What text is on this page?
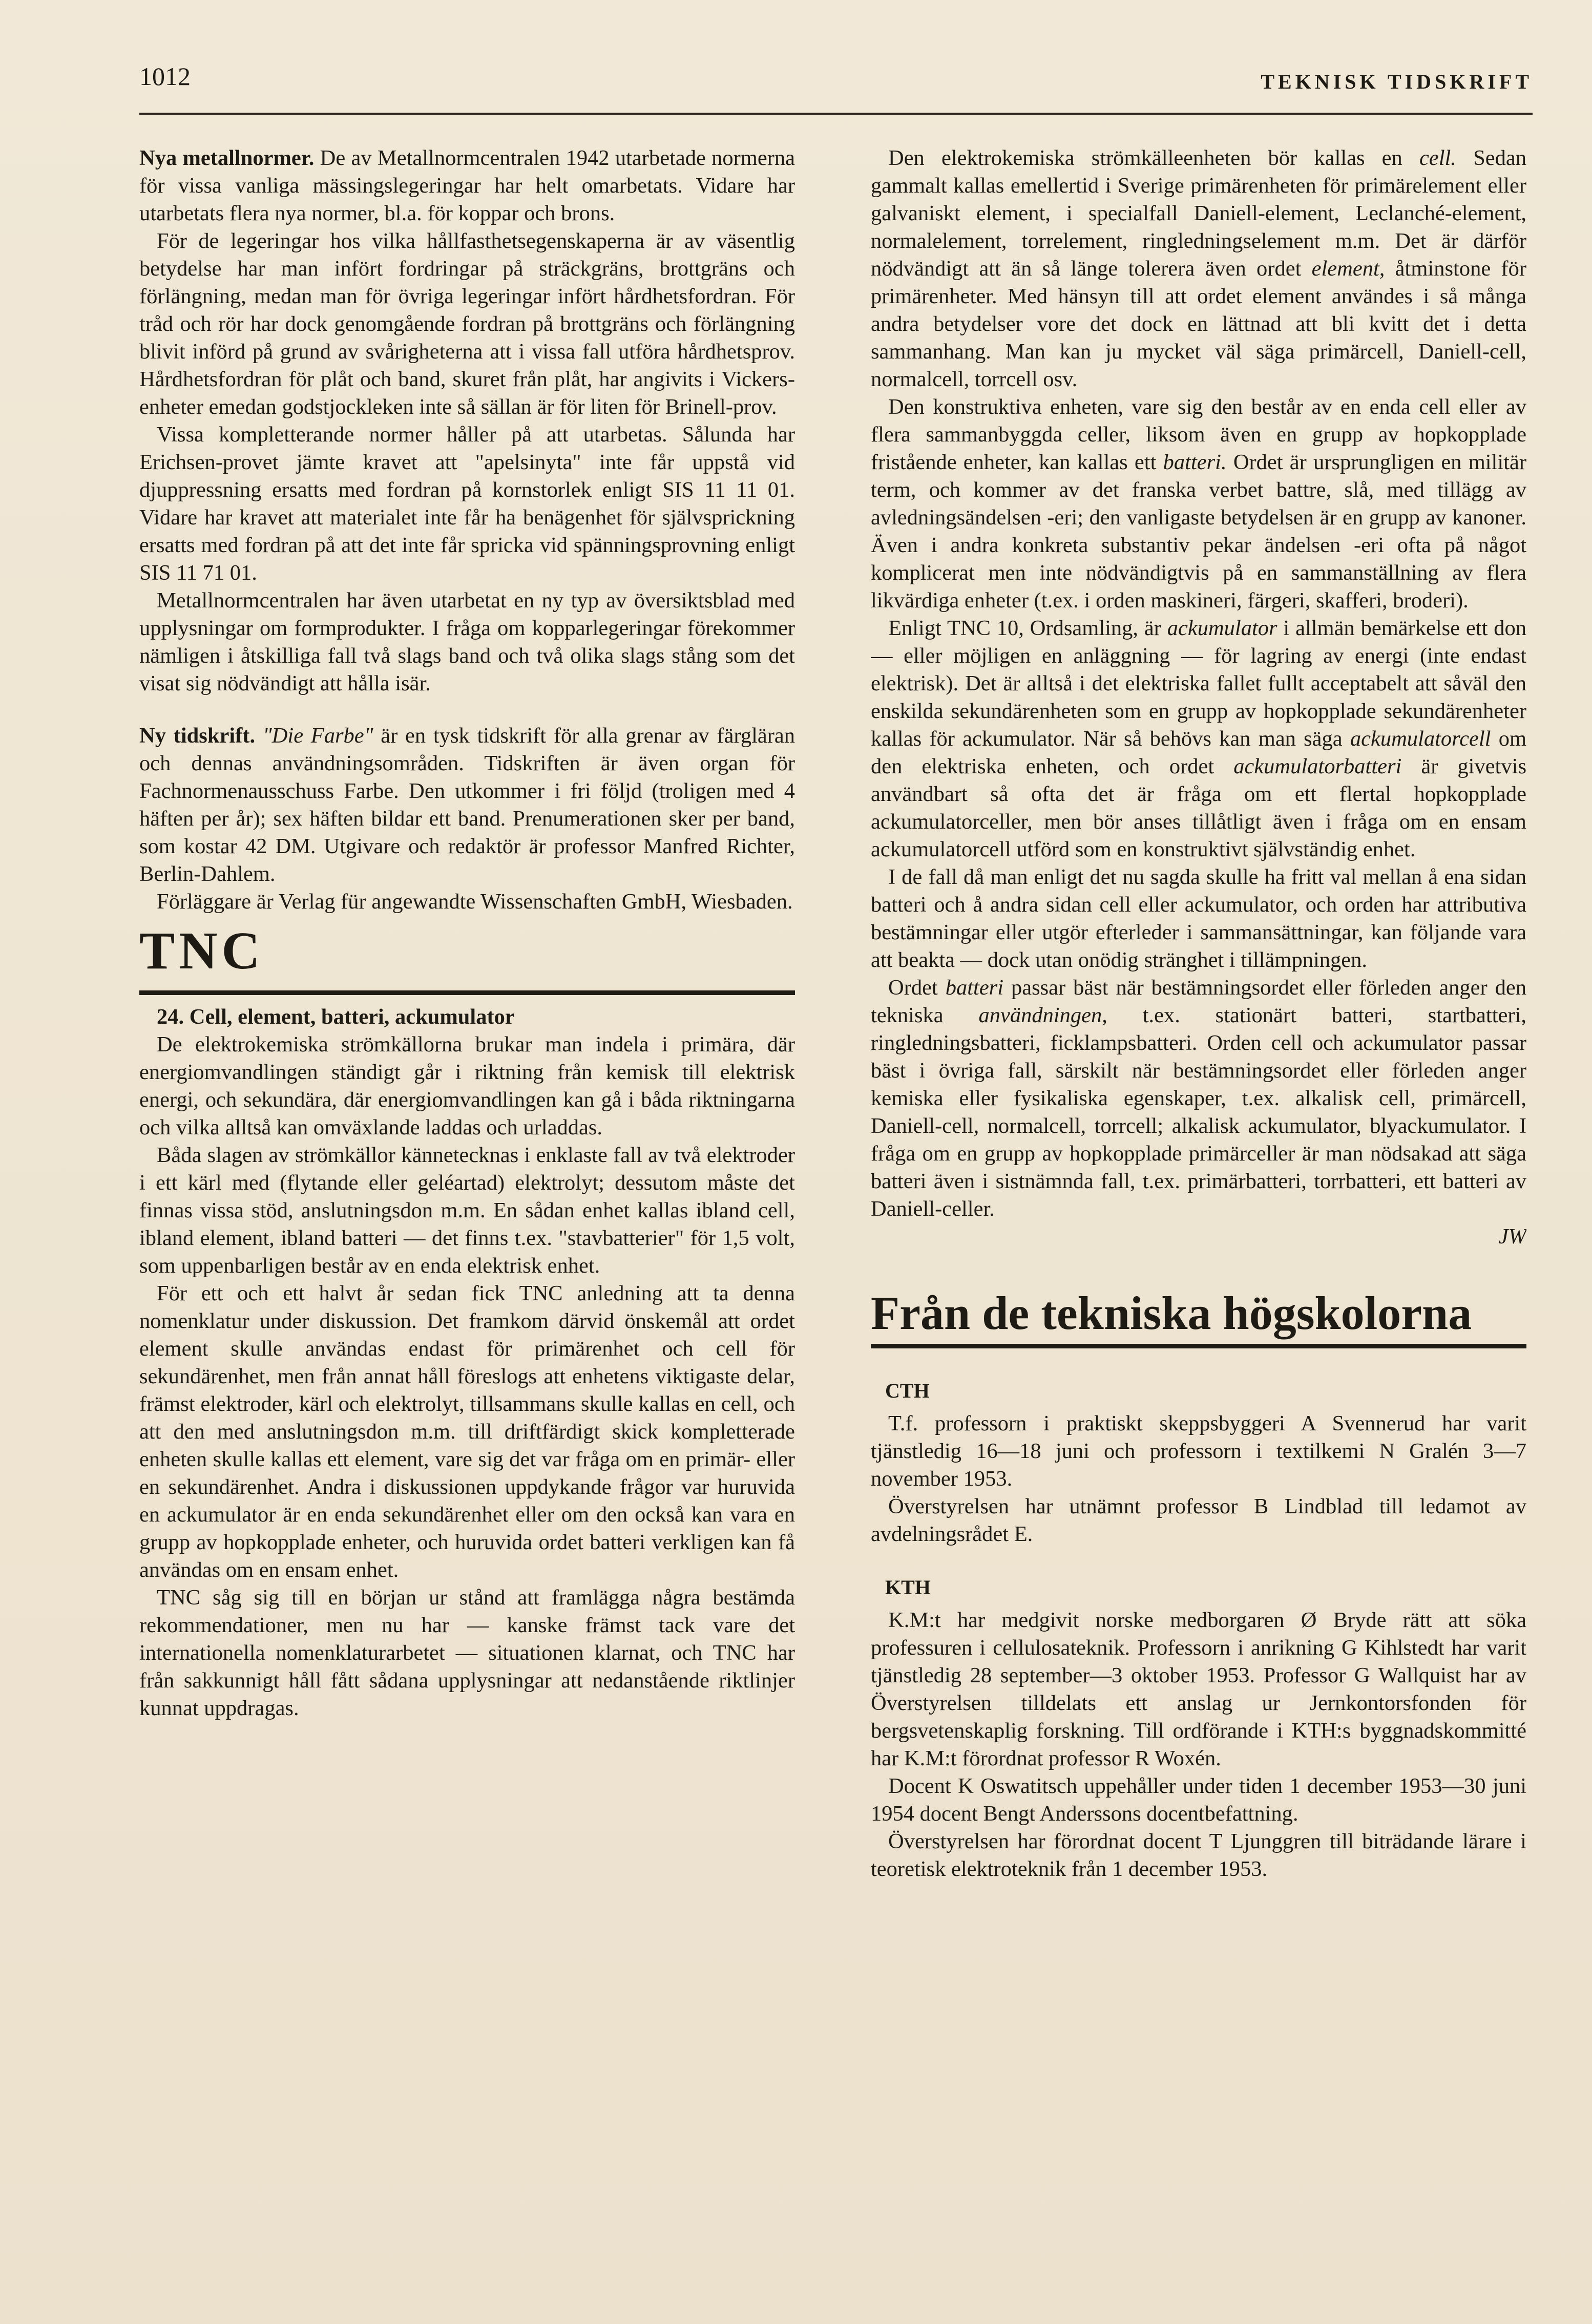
1012	TEKNISK TIDSKRIFT

Nya metallnormer. De av Metallnormcentralen 1942 utarbetade normerna för vissa vanliga mässingslegeringar har helt omarbetats. Vidare har utarbetats flera nya normer, bl.a. för koppar och brons.

För de legeringar hos vilka hållfasthetsegenskaperna är av väsentlig betydelse har man infört fordringar på sträckgräns, brottgräns och förlängning, medan man för övriga legeringar infört hårdhetsfordran. För tråd och rör har dock genomgående fordran på brottgräns och förlängning blivit införd på grund av svårigheterna att i vissa fall utföra hårdhetsprov. Hårdhetsfordran för plåt och band, skuret från plåt, har angivits i Vickers-enheter emedan godstjockleken inte så sällan är för liten för Brinell-prov.

Vissa kompletterande normer håller på att utarbetas. Sålunda har Erichsen-provet jämte kravet att "apelsinyta" inte får uppstå vid djuppressning ersatts med fordran på kornstorlek enligt SIS 11 11 01. Vidare har kravet att materialet inte får ha benägenhet för självsprickning ersatts med fordran på att det inte får spricka vid spänningsprovning enligt SIS 11 71 01.

Metallnormcentralen har även utarbetat en ny typ av översiktsblad med upplysningar om formprodukter. I fråga om kopparlegeringar förekommer nämligen i åtskilliga fall två slags band och två olika slags stång som det visat sig nödvändigt att hålla isär.

Ny tidskrift. "Die Farbe" är en tysk tidskrift för alla grenar av färgläran och dennas användningsområden. Tidskriften är även organ för Fachnormenausschuss Farbe. Den utkommer i fri följd (troligen med 4 häften per år); sex häften bildar ett band. Prenumerationen sker per band, som kostar 42 DM. Utgivare och redaktör är professor Manfred Richter, Berlin-Dahlem.

Förläggare är Verlag für angewandte Wissenschaften GmbH, Wiesbaden.

TNC

24. Cell, element, batteri, ackumulator

De elektrokemiska strömkällorna brukar man indela i primära, där energiomvandlingen ständigt går i riktning från kemisk till elektrisk energi, och sekundära, där energiomvandlingen kan gå i båda riktningarna och vilka alltså kan omväxlande laddas och urladdas.

Båda slagen av strömkällor kännetecknas i enklaste fall av två elektroder i ett kärl med (flytande eller geléartad) elektrolyt; dessutom måste det finnas vissa stöd, anslutningsdon m.m. En sådan enhet kallas ibland cell, ibland element, ibland batteri — det finns t.ex. "stavbatterier" för 1,5 volt, som uppenbarligen består av en enda elektrisk enhet.

För ett och ett halvt år sedan fick TNC anledning att ta denna nomenklatur under diskussion. Det framkom därvid önskemål att ordet element skulle användas endast för primärenhet och cell för sekundärenhet, men från annat håll föreslogs att enhetens viktigaste delar, främst elektroder, kärl och elektrolyt, tillsammans skulle kallas en cell, och att den med anslutningsdon m.m. till driftfärdigt skick kompletterade enheten skulle kallas ett element, vare sig det var fråga om en primär- eller en sekundärenhet. Andra i diskussionen uppdykande frågor var huruvida en ackumulator är en enda sekundärenhet eller om den också kan vara en grupp av hopkopplade enheter, och huruvida ordet batteri verkligen kan få användas om en ensam enhet.

TNC såg sig till en början ur stånd att framlägga några bestämda rekommendationer, men nu har — kanske främst tack vare det internationella nomenklaturarbetet — situationen klarnat, och TNC har från sakkunnigt håll fått sådana upplysningar att nedanstående riktlinjer kunnat uppdragas.

Den elektrokemiska strömkälleenheten bör kallas en cell. Sedan gammalt kallas emellertid i Sverige primärenheten för primärelement eller galvaniskt element, i specialfall Daniell-element, Leclanché-element, normalelement, torrelement, ringledningselement m.m. Det är därför nödvändigt att än så länge tolerera även ordet element, åtminstone för primärenheter. Med hänsyn till att ordet element användes i så många andra betydelser vore det dock en lättnad att bli kvitt det i detta sammanhang. Man kan ju mycket väl säga primärcell, Daniell-cell, normalcell, torrcell osv.

Den konstruktiva enheten, vare sig den består av en enda cell eller av flera sammanbyggda celler, liksom även en grupp av hopkopplade fristående enheter, kan kallas ett batteri. Ordet är ursprungligen en militär term, och kommer av det franska verbet battre, slå, med tillägg av avledningsändelsen -eri; den vanligaste betydelsen är en grupp av kanoner. Även i andra konkreta substantiv pekar ändelsen -eri ofta på något komplicerat men inte nödvändigtvis på en sammanställning av flera likvärdiga enheter (t.ex. i orden maskineri, färgeri, skafferi, broderi).

Enligt TNC 10, Ordsamling, är ackumulator i allmän bemärkelse ett don — eller möjligen en anläggning — för lagring av energi (inte endast elektrisk). Det är alltså i det elektriska fallet fullt acceptabelt att såväl den enskilda sekundärenheten som en grupp av hopkopplade sekundärenheter kallas för ackumulator. När så behövs kan man säga ackumulatorcell om den elektriska enheten, och ordet ackumulatorbatteri är givetvis användbart så ofta det är fråga om ett flertal hopkopplade ackumulatorceller, men bör anses tillåtligt även i fråga om en ensam ackumulatorcell utförd som en konstruktivt självständig enhet.

I de fall då man enligt det nu sagda skulle ha fritt val mellan å ena sidan batteri och å andra sidan cell eller ackumulator, och orden har attributiva bestämningar eller utgör efterleder i sammansättningar, kan följande vara att beakta — dock utan onödig stränghet i tillämpningen.

Ordet batteri passar bäst när bestämningsordet eller förleden anger den tekniska användningen, t.ex. stationärt batteri, startbatteri, ringledningsbatteri, ficklampsbatteri. Orden cell och ackumulator passar bäst i övriga fall, särskilt när bestämningsordet eller förleden anger kemiska eller fysikaliska egenskaper, t.ex. alkalisk cell, primärcell, Daniell-cell, normalcell, torrcell; alkalisk ackumulator, blyackumulator. I fråga om en grupp av hopkopplade primärceller är man nödsakad att säga batteri även i sistnämnda fall, t.ex. primärbatteri, torrbatteri, ett batteri av Daniell-celler.

JW

Från de tekniska högskolorna
CTH

T.f. professorn i praktiskt skeppsbyggeri A Svennerud har varit tjänstledig 16—18 juni och professorn i textilkemi N Gralén 3—7 november 1953.

Överstyrelsen har utnämnt professor B Lindblad till ledamot av avdelningsrådet E.

KTH

K.M:t har medgivit norske medborgaren Ø Bryde rätt att söka professuren i cellulosateknik. Professorn i anrikning G Kihlstedt har varit tjänstledig 28 september—3 oktober 1953. Professor G Wallquist har av Överstyrelsen tilldelats ett anslag ur Jernkontorsfonden för bergsvetenskaplig forskning. Till ordförande i KTH:s byggnadskommitté har K.M:t förordnat professor R Woxén.

Docent K Oswatitsch uppehåller under tiden 1 december 1953—30 juni 1954 docent Bengt Anderssons docentbefattning.

Överstyrelsen har förordnat docent T Ljunggren till biträdande lärare i teoretisk elektroteknik från 1 december 1953.
